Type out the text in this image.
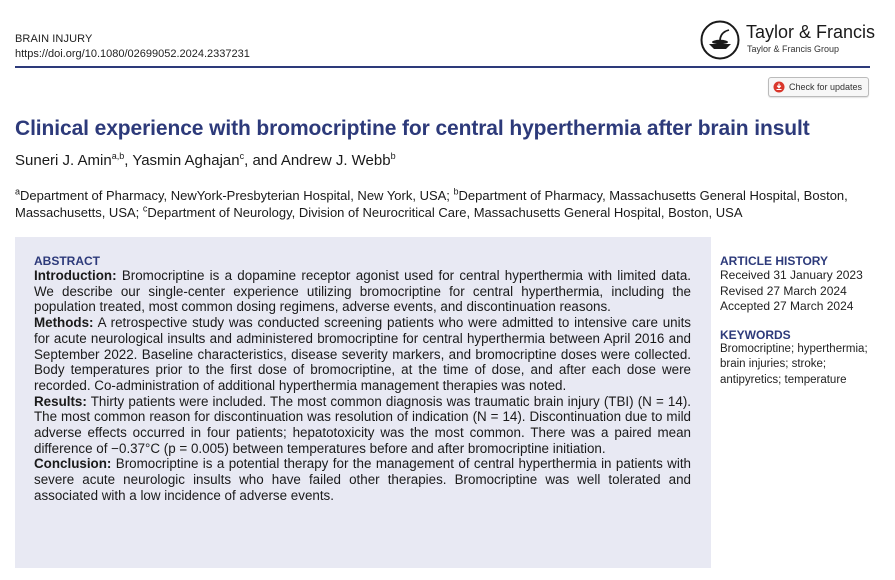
BRAIN INJURY
https://doi.org/10.1080/02699052.2024.2337231
Taylor & Francis
Taylor & Francis Group
Check for updates
Clinical experience with bromocriptine for central hyperthermia after brain insult
Suneri J. Amin$^{a,b}$, Yasmin Aghajan$^c$, and Andrew J. Webb$^b$
$^a$Department of Pharmacy, NewYork-Presbyterian Hospital, New York, USA; $^b$Department of Pharmacy, Massachusetts General Hospital, Boston, Massachusetts, USA; $^c$Department of Neurology, Division of Neurocritical Care, Massachusetts General Hospital, Boston, USA
ABSTRACT

Introduction: Bromocriptine is a dopamine receptor agonist used for central hyperthermia with limited data. We describe our single-center experience utilizing bromocriptine for central hyperthermia, including the population treated, most common dosing regimens, adverse events, and discontinuation reasons.

Methods: A retrospective study was conducted screening patients who were admitted to intensive care units for acute neurological insults and administered bromocriptine for central hyperthermia between April 2016 and September 2022. Baseline characteristics, disease severity markers, and bromocriptine doses were collected. Body temperatures prior to the first dose of bromocriptine, at the time of dose, and after each dose were recorded. Co-administration of additional hyperthermia management therapies was noted.

Results: Thirty patients were included. The most common diagnosis was traumatic brain injury (TBI) (N = 14). The most common reason for discontinuation was resolution of indication (N = 14). Discontinuation due to mild adverse effects occurred in four patients; hepatotoxicity was the most common. There was a paired mean difference of −0.37°C (p = 0.005) between temperatures before and after bromocriptine initiation.

Conclusion: Bromocriptine is a potential therapy for the management of central hyperthermia in patients with severe acute neurologic insults who have failed other therapies. Bromocriptine was well tolerated and associated with a low incidence of adverse events.

ARTICLE HISTORY
Received 31 January 2023
Revised 27 March 2024
Accepted 27 March 2024
KEYWORDS
Bromocriptine; hyperthermia; brain injuries; stroke; antipyretics; temperature
